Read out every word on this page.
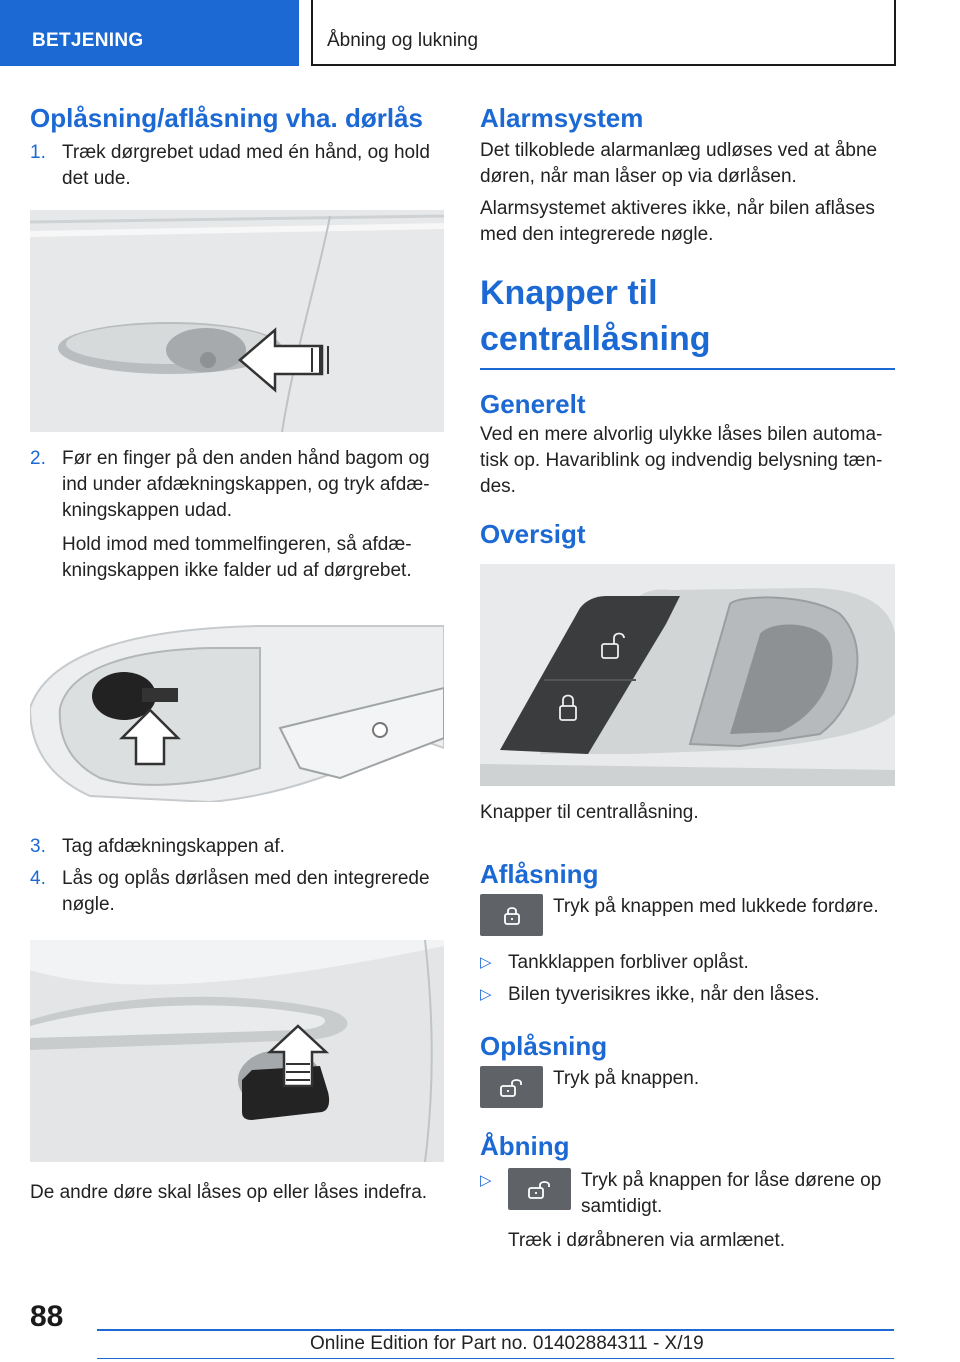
BETJENING	Åbning og lukning
Oplåsning/aflåsning vha. dørlås
1. Træk dørgrebet udad med én hånd, og hold det ude.
2. Før en finger på den anden hånd bagom og ind under afdækningskappen, og tryk afdæ-kningskappen udad.
Hold imod med tommelfingeren, så afdæ-kningskappen ikke falder ud af dørgrebet.
3. Tag afdækningskappen af.
4. Lås og oplås dørlåsen med den integrerede nøgle.

De andre døre skal låses op eller låses indefra.

Alarmsystem

Det tilkoblede alarmanlæg udløses ved at åbne døren, når man låser op via dørlåsen.

Alarmsystemet aktiveres ikke, når bilen aflåses med den integrerede nøgle.

Knapper til centrallåsning
Generelt

Ved en mere alvorlig ulykke låses bilen automa-tisk op. Havariblink og indvendig belysning tæn-des.

Oversigt

Knapper til centrallåsning.

Aflåsning

Tryk på knappen med lukkede fordøre.

▷ Tankklappen forbliver oplåst.
▷ Bilen tyverisikres ikke, når den låses.
Oplåsning

Tryk på knappen.

Åbning
▷	Tryk på knappen for låse dørene op samtidigt.

Træk i døråbneren via armlænet.

88
Online Edition for Part no. 01402884311 - X/19
